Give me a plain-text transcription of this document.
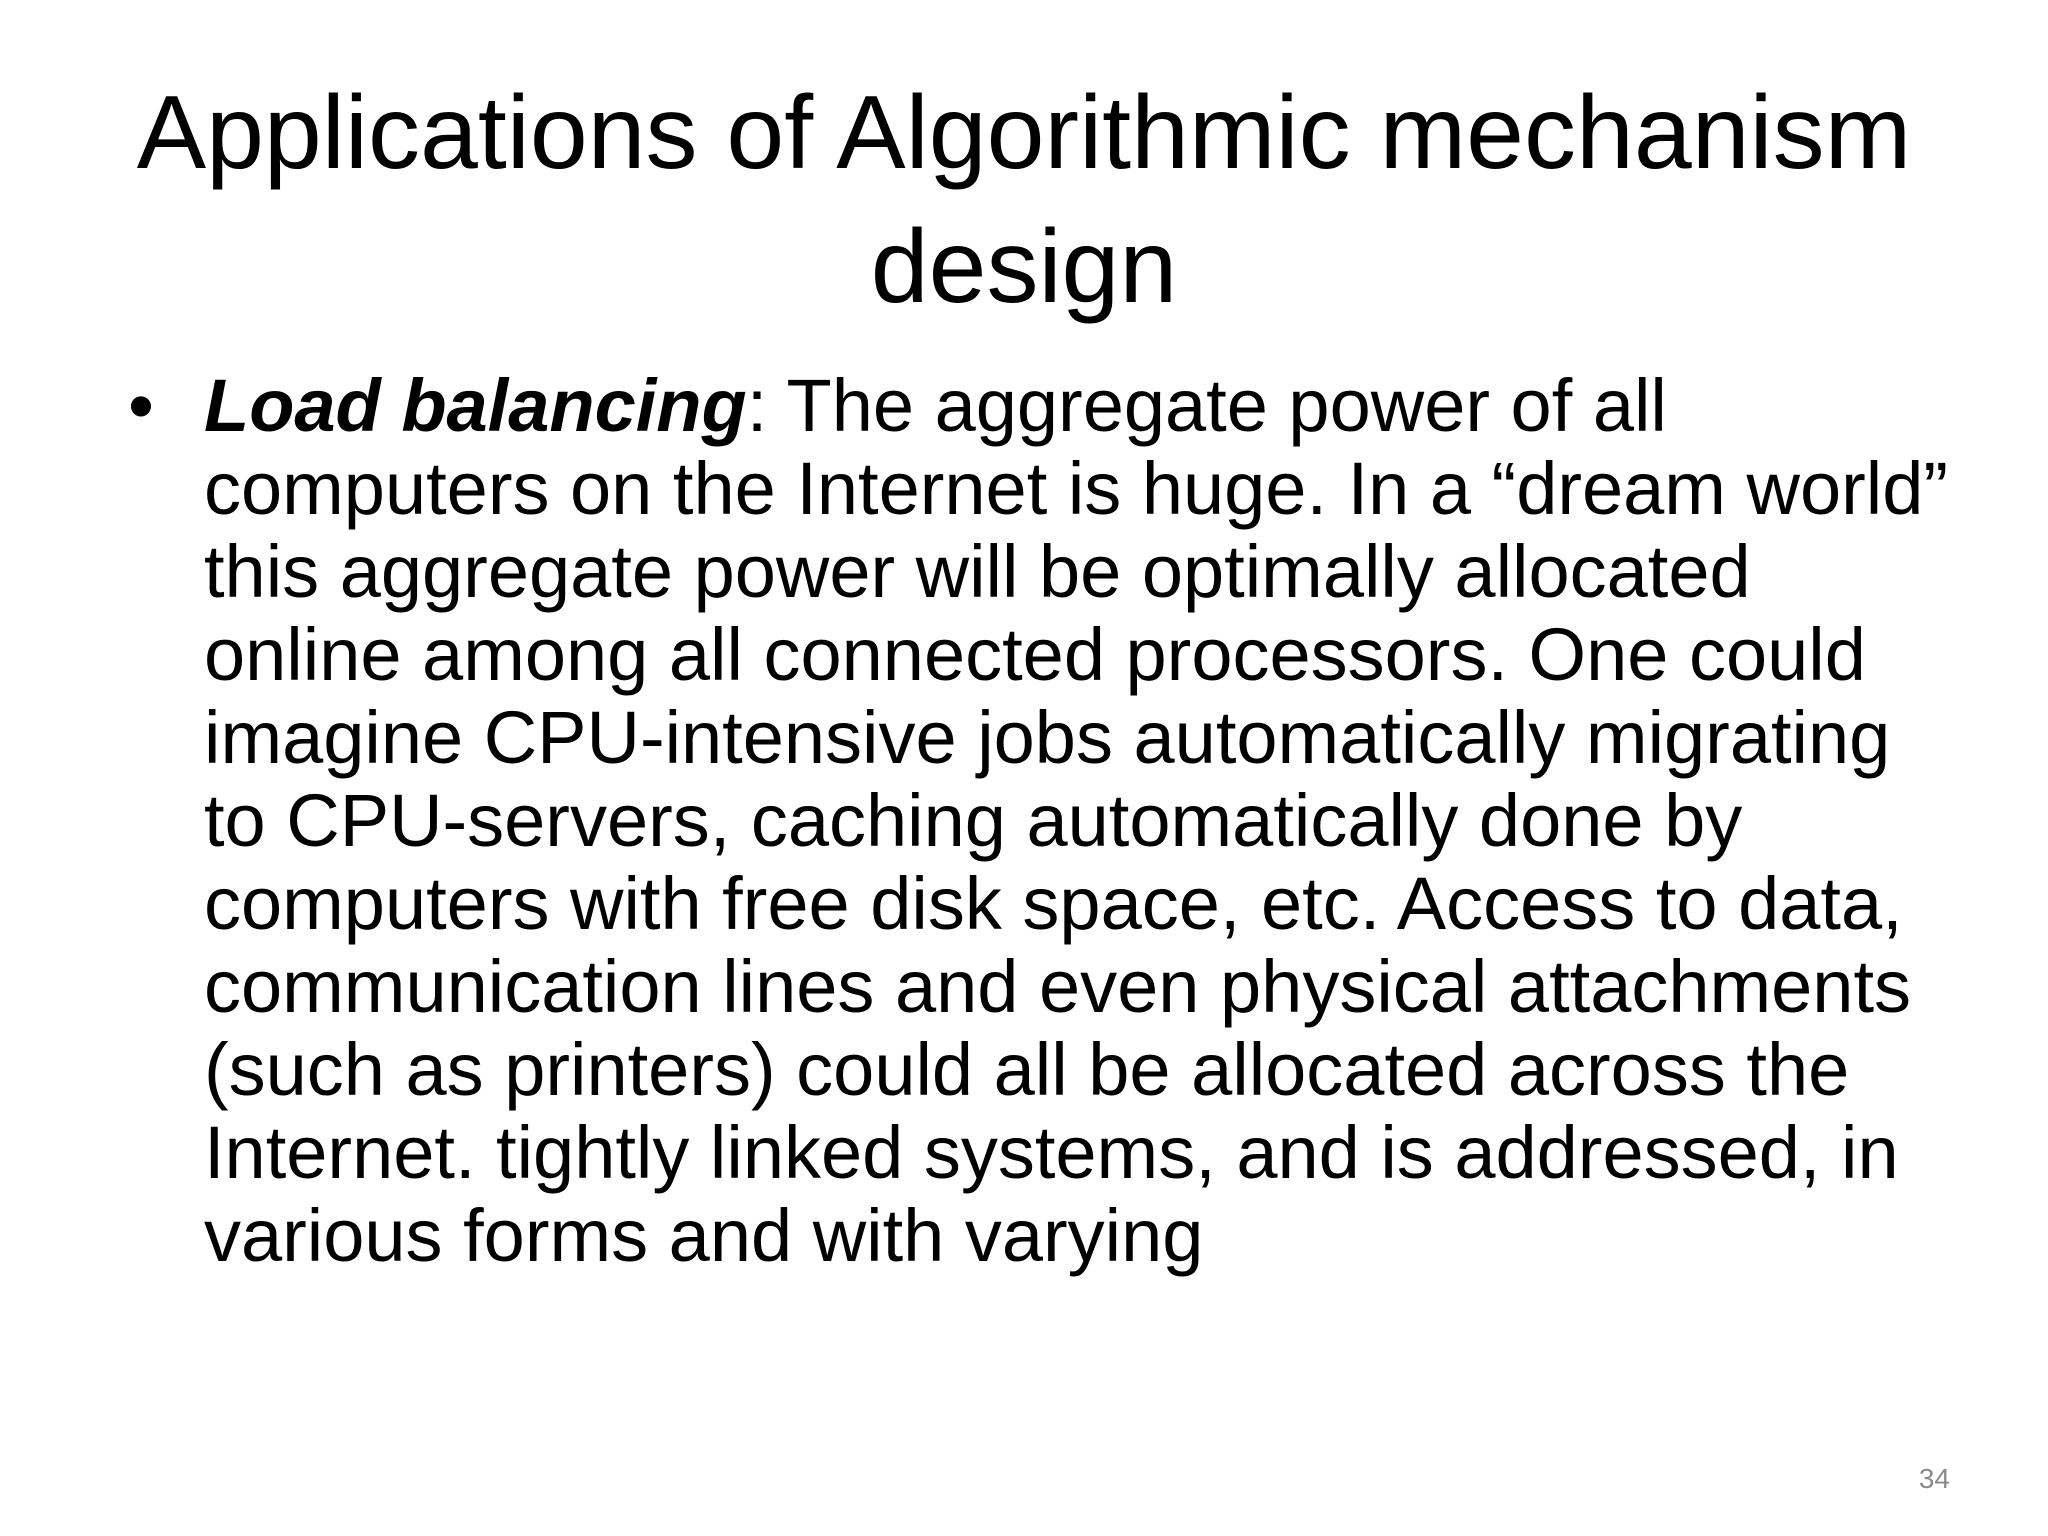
Applications of Algorithmic mechanism design
• Load balancing: The aggregate power of all computers on the Internet is huge. In a “dream world” this aggregate power will be optimally allocated online among all connected processors. One could imagine CPU-intensive jobs automatically migrating to CPU-servers, caching automatically done by computers with free disk space, etc. Access to data, communication lines and even physical attachments (such as printers) could all be allocated across the Internet. tightly linked systems, and is addressed, in various forms and with varying
34
